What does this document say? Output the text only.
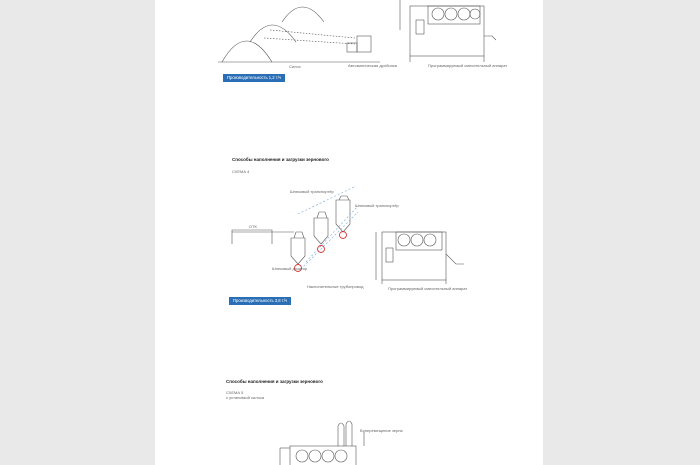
Силос	Автоматическая дробилка	Программируемый смесительный аппарат
ОТК
Шнековый транспортёр
Шнековый транспортёр
Шнековый дозатор
Наклонительные трубопровод	Программируемый смесительный аппарат
В, перемещение зерна
Производительность 1,2 т/ч
Способы наполнения и загрузки зернового
СХЕМА 4
Производительность 3,8 т/ч
Способы наполнения и загрузки зернового
СХЕМА 5
с установкой силоса
